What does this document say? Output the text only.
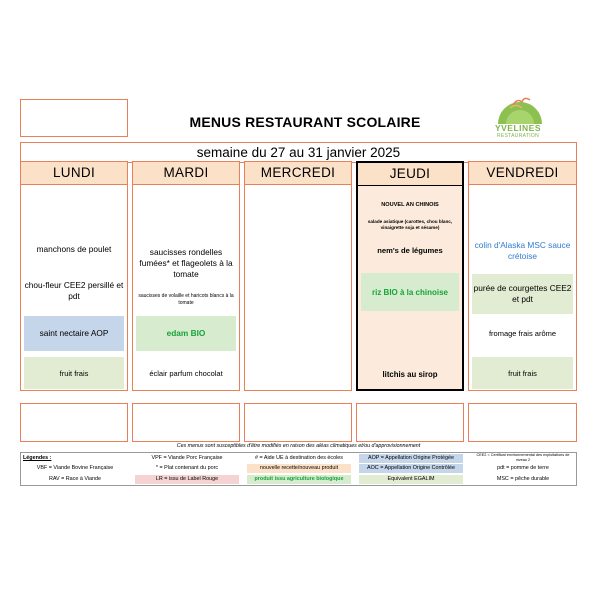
MENUS RESTAURANT SCOLAIRE	YVELINES
RESTAURATION
semaine du 27 au 31 janvier 2025
LUNDI
manchons de poulet
chou-fleur CEE2 persillé et pdt
saint nectaire AOP
fruit frais
MARDI
saucisses rondelles fumées* et flageolets à la tomate
saucisses de volaille et haricots blancs à la tomate
edam BIO
éclair parfum chocolat
MERCREDI	JEUDI
NOUVEL AN CHINOIS
salade asiatique (carottes, chou blanc, vinaigrette soja et sésame)
nem's de légumes
riz BIO à la chinoise
litchis au sirop
VENDREDI
colin d'Alaska MSC sauce crétoise
purée de courgettes CEE2 et pdt
fromage frais arôme
fruit frais
Ces menus sont susceptibles d'être modifiés en raison des aléas climatiques et/ou d'approvisionnement
Légendes :
VBF = Viande Bovine Française
RAV = Race à Viande
VPF = Viande Porc Française
* = Plat contenant du porc
LR = issu de Label Rouge
# = Aide UE à destination des écoles
nouvelle recette/nouveau produit
produit issu agriculture biologique
AOP = Appellation Origine Protégée
AOC = Appellation Origine Contrôlée
Equivalent EGALIM
CEE2 = Certificat environnemental des exploitations de niveau 2
pdt = pomme de terre
MSC = pêche durable
